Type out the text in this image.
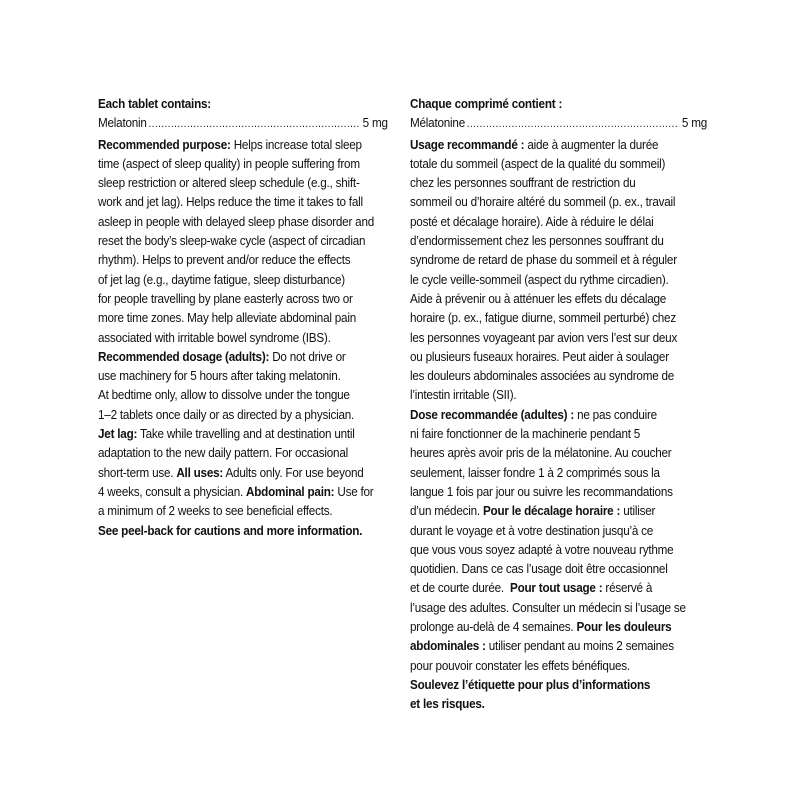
Each tablet contains:
Melatonin .....	5 mg
Recommended purpose: Helps increase total sleep
time (aspect of sleep quality) in people suffering from
sleep restriction or altered sleep schedule (e.g., shift-
work and jet lag). Helps reduce the time it takes to fall
asleep in people with delayed sleep phase disorder and
reset the body’s sleep-wake cycle (aspect of circadian
rhythm). Helps to prevent and/or reduce the effects
of jet lag (e.g., daytime fatigue, sleep disturbance)
for people travelling by plane easterly across two or
more time zones. May help alleviate abdominal pain
associated with irritable bowel syndrome (IBS).
Recommended dosage (adults): Do not drive or
use machinery for 5 hours after taking melatonin.
At bedtime only, allow to dissolve under the tongue
1–2 tablets once daily or as directed by a physician.
Jet lag: Take while travelling and at destination until
adaptation to the new daily pattern. For occasional
short-term use. All uses: Adults only. For use beyond
4 weeks, consult a physician. Abdominal pain: Use for
a minimum of 2 weeks to see beneficial effects.
See peel-back for cautions and more information.
Chaque comprimé contient :
Mélatonine .....	5 mg
Usage recommandé : aide à augmenter la durée
totale du sommeil (aspect de la qualité du sommeil)
chez les personnes souffrant de restriction du
sommeil ou d’horaire altéré du sommeil (p. ex., travail
posté et décalage horaire). Aide à réduire le délai
d’endormissement chez les personnes souffrant du
syndrome de retard de phase du sommeil et à réguler
le cycle veille-sommeil (aspect du rythme circadien).
Aide à prévenir ou à atténuer les effets du décalage
horaire (p. ex., fatigue diurne, sommeil perturbé) chez
les personnes voyageant par avion vers l’est sur deux
ou plusieurs fuseaux horaires. Peut aider à soulager
les douleurs abdominales associées au syndrome de
l’intestin irritable (SII).
Dose recommandée (adultes) : ne pas conduire
ni faire fonctionner de la machinerie pendant 5
heures après avoir pris de la mélatonine. Au coucher
seulement, laisser fondre 1 à 2 comprimés sous la
langue 1 fois par jour ou suivre les recommandations
d’un médecin. Pour le décalage horaire : utiliser
durant le voyage et à votre destination jusqu’à ce
que vous vous soyez adapté à votre nouveau rythme
quotidien. Dans ce cas l’usage doit être occasionnel
et de courte durée.  Pour tout usage : réservé à
l’usage des adultes. Consulter un médecin si l’usage se
prolonge au-delà de 4 semaines. Pour les douleurs
abdominales : utiliser pendant au moins 2 semaines
pour pouvoir constater les effets bénéfiques.
Soulevez l’étiquette pour plus d’informations
et les risques.
